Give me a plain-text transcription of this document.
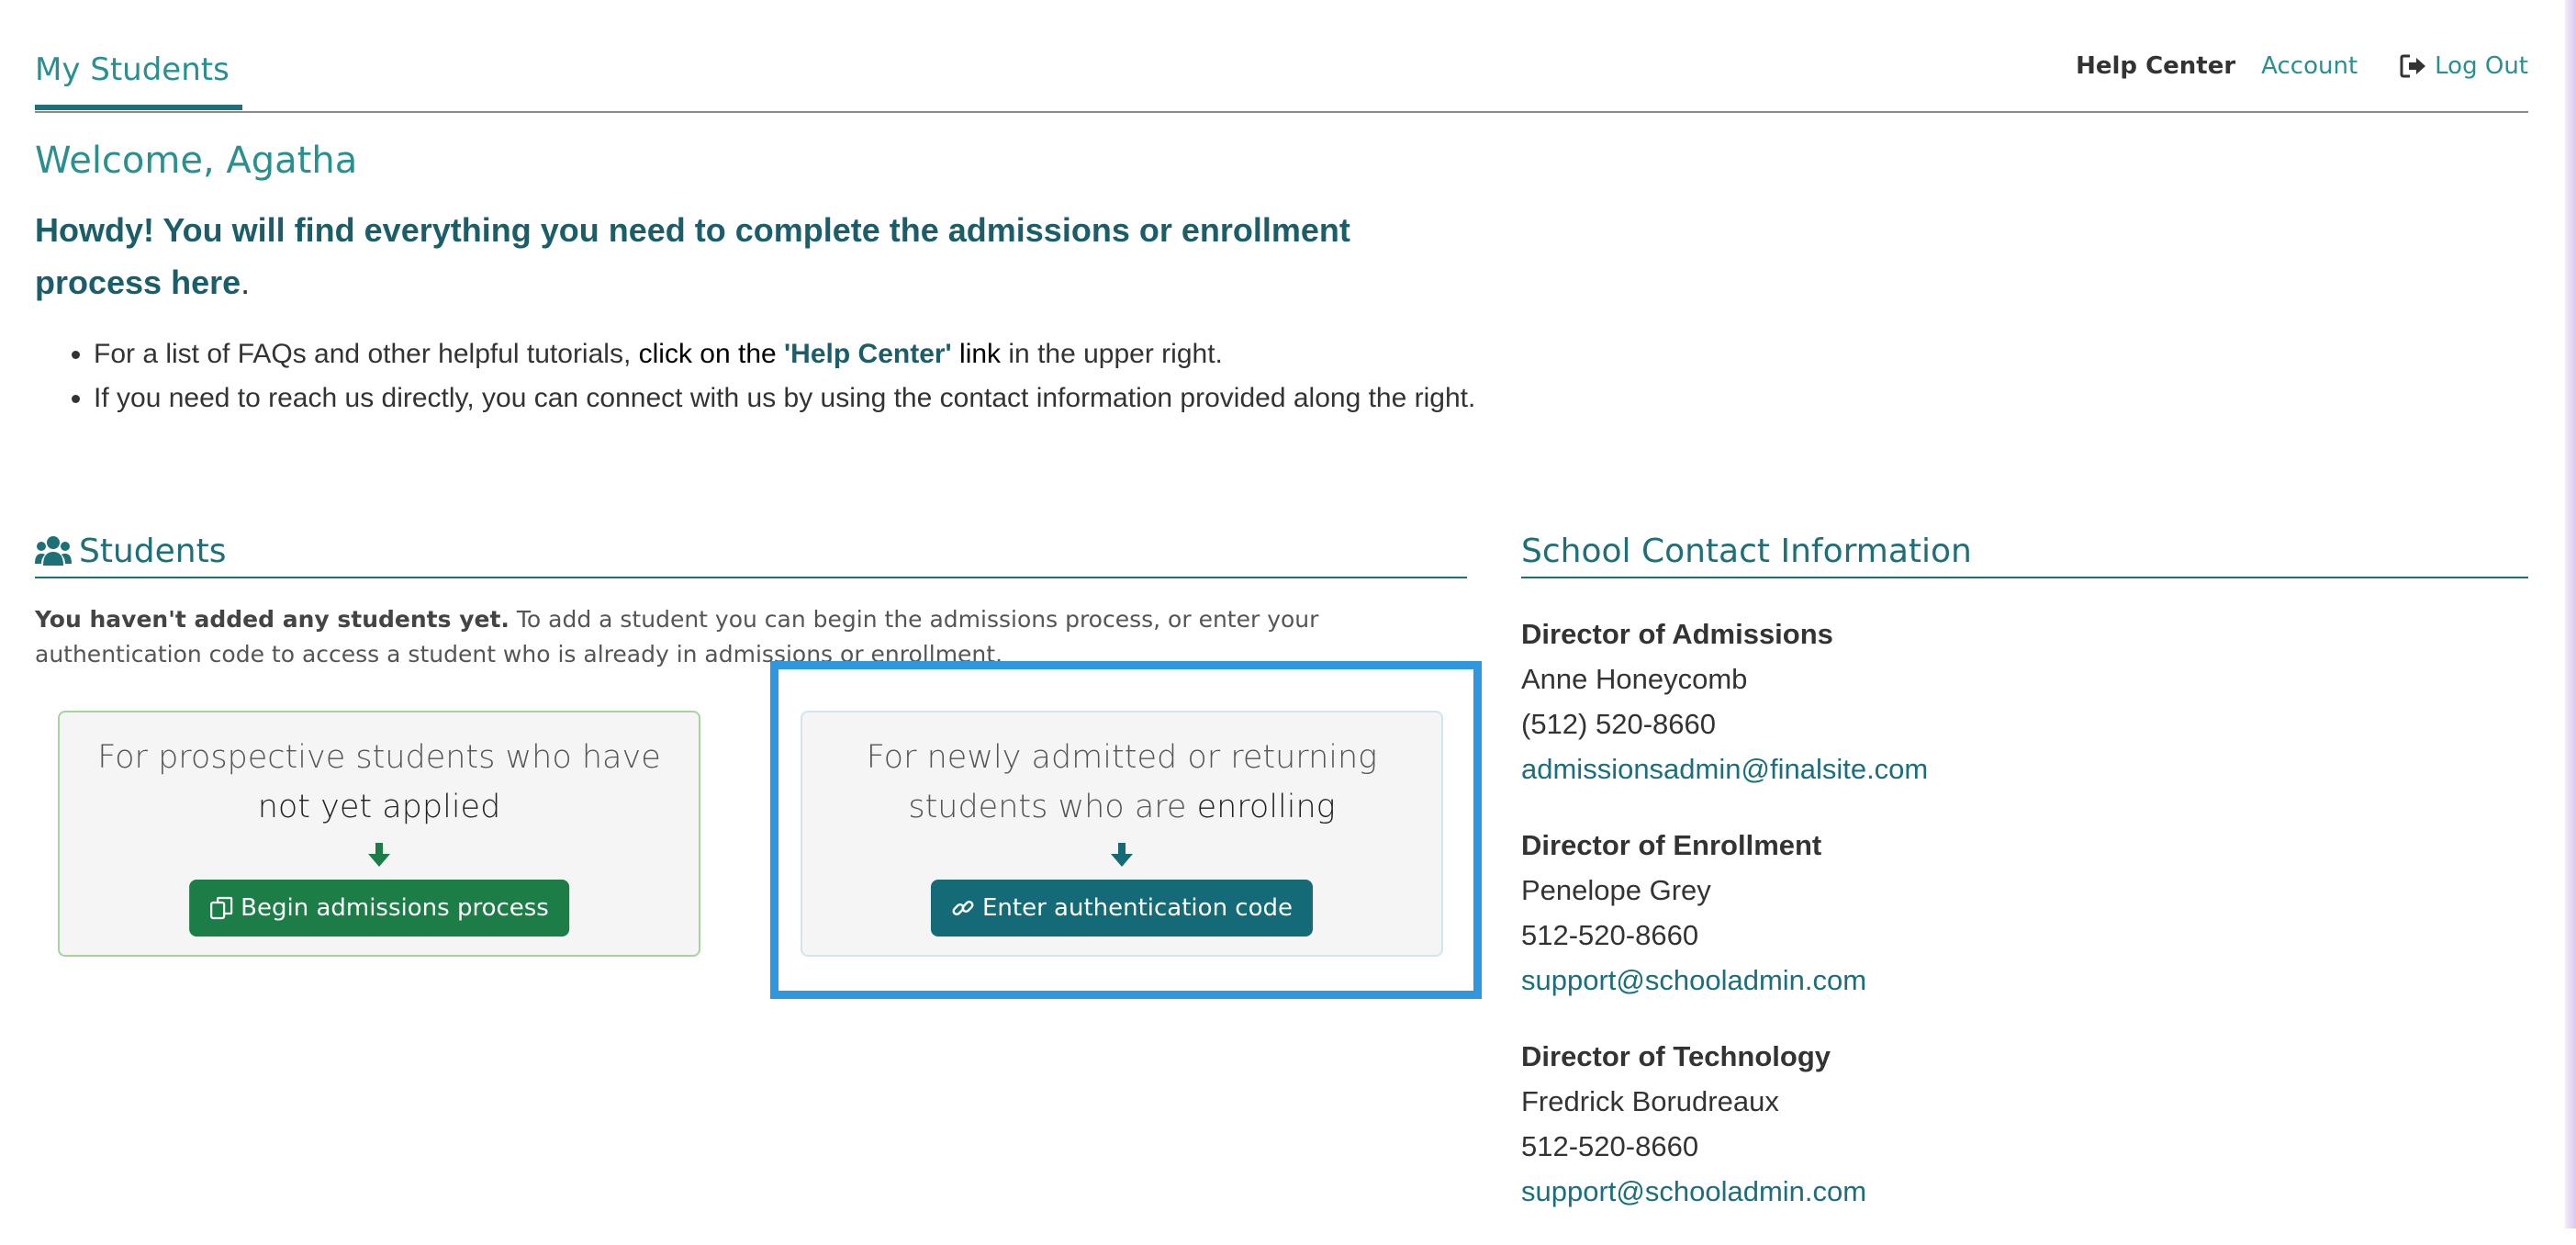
My Students	Help Center Account	Log Out
Welcome, Agatha
Howdy! You will find everything you need to complete the admissions or enrollment process here.
• For a list of FAQs and other helpful tutorials, click on the 'Help Center' link in the upper right.
• If you need to reach us directly, you can connect with us by using the contact information provided along the right.
Students
You haven't added any students yet. To add a student you can begin the admissions process, or enter your authentication code to access a student who is already in admissions or enrollment.
For prospective students who have not yet applied
Begin admissions process
For newly admitted or returning students who are enrolling
Enter authentication code
School Contact Information
Director of Admissions
Anne Honeycomb
(512) 520-8660
admissionsadmin@finalsite.com
Director of Enrollment
Penelope Grey
512-520-8660
support@schooladmin.com
Director of Technology
Fredrick Borudreaux
512-520-8660
support@schooladmin.com
